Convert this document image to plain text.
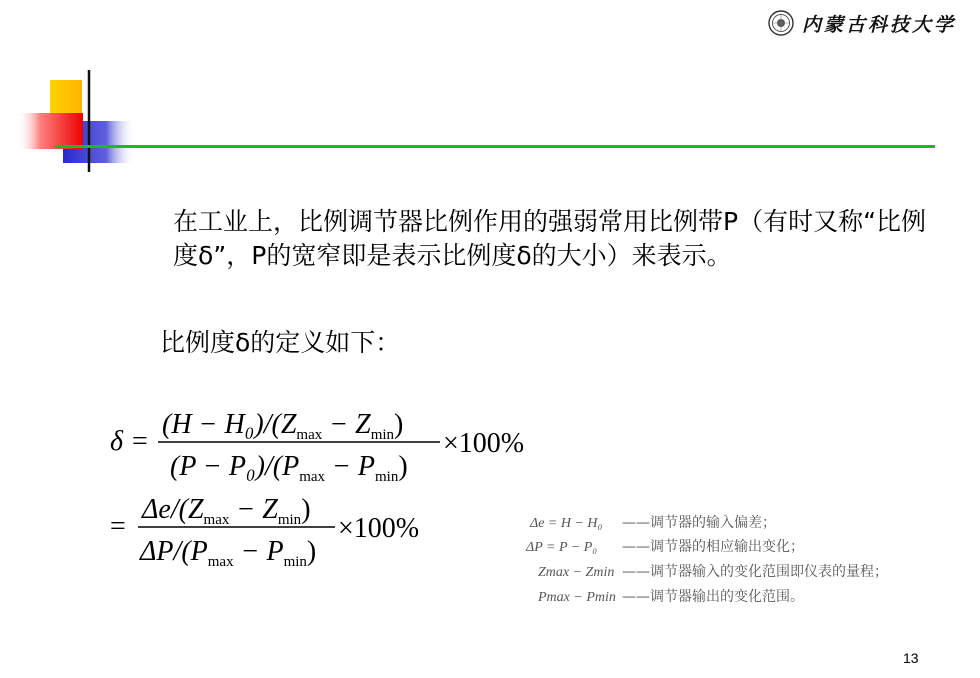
内蒙古科技大学
在工业上，比例调节器比例作用的强弱常用比例带P（有时又称“比例度δ”，P的宽窄即是表示比例度δ的大小）来表示。
比例度δ的定义如下：
δ =
$(H - H_0)/(Z_{max} - Z_{min})$
$(P - P_0)/(P_{max} - P_{min})$
×100%
=
$\Delta e/(Z_{max} - Z_{min})$
$\Delta P/(P_{max} - P_{min})$
×100%	Δe = H − H₀ ——调节器的输入偏差；
ΔP = P − P₀ ——调节器的相应输出变化；
Zmax − Zmin ——调节器输入的变化范围即仪表的量程；
Pmax − Pmin ——调节器输出的变化范围。
13
